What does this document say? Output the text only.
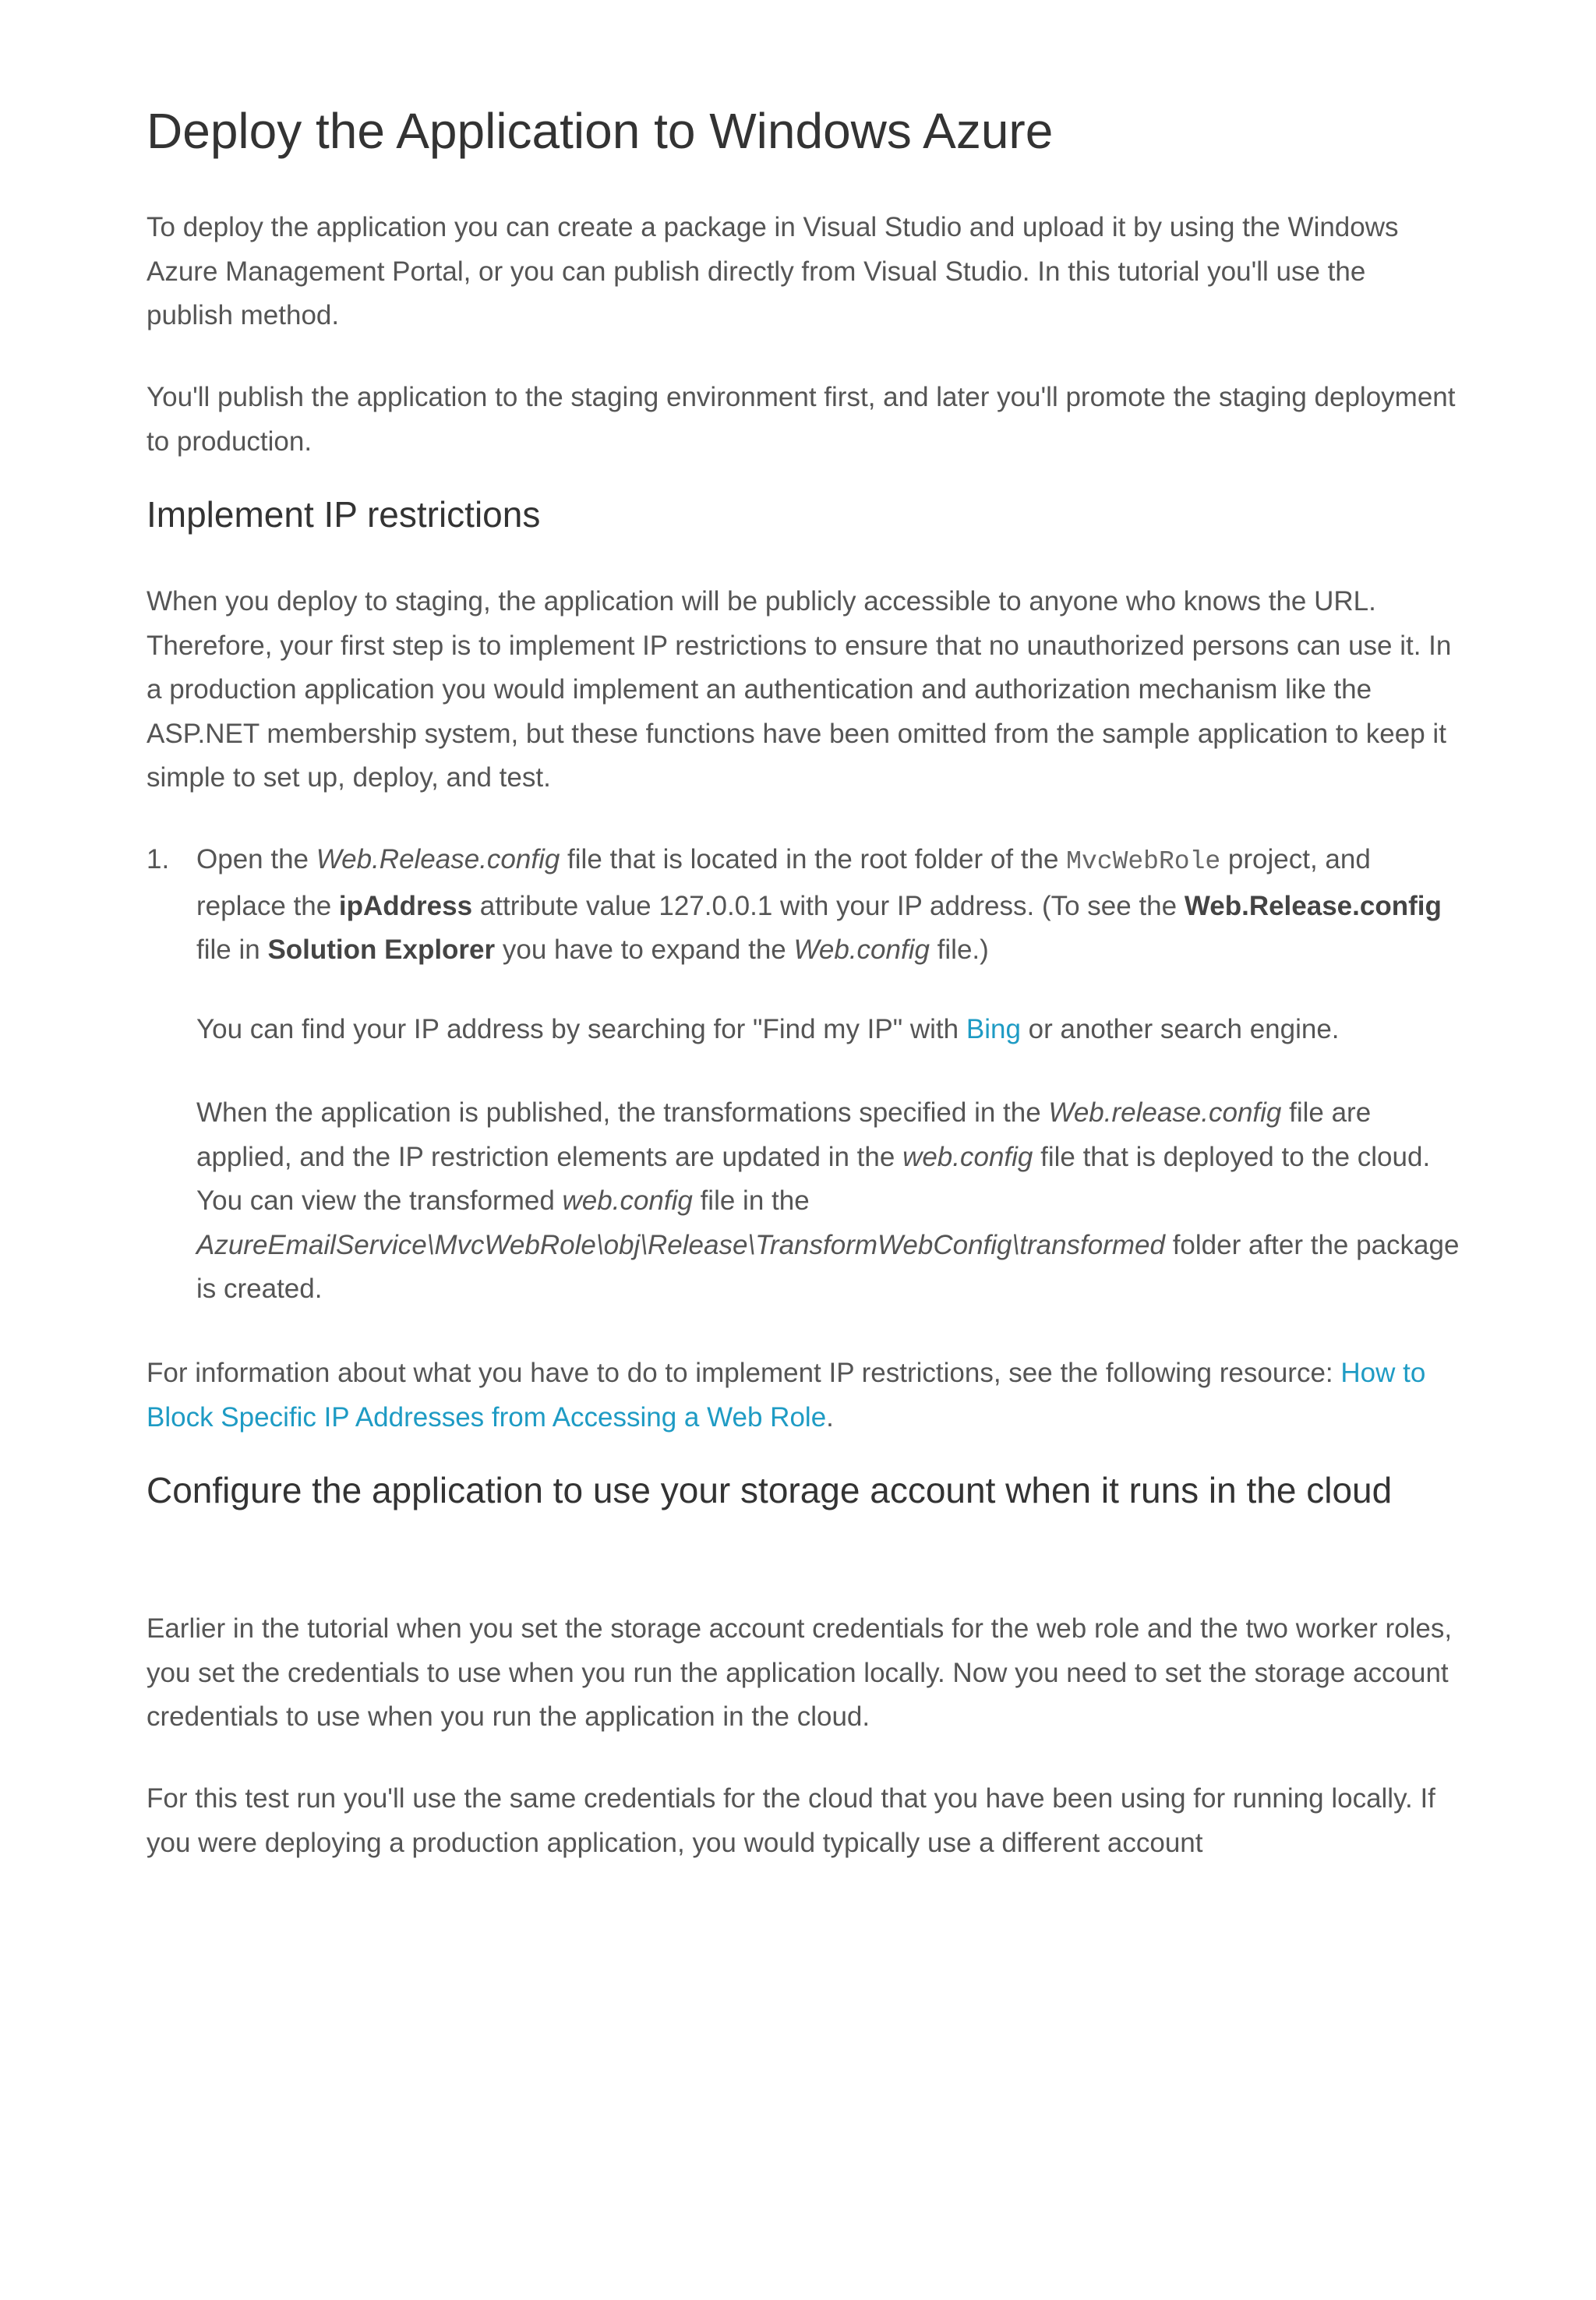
Deploy the Application to Windows Azure

To deploy the application you can create a package in Visual Studio and upload it by using the Windows Azure Management Portal, or you can publish directly from Visual Studio. In this tutorial you'll use the publish method.

You'll publish the application to the staging environment first, and later you'll promote the staging deployment to production.

Implement IP restrictions

When you deploy to staging, the application will be publicly accessible to anyone who knows the URL. Therefore, your first step is to implement IP restrictions to ensure that no unauthorized persons can use it. In a production application you would implement an authentication and authorization mechanism like the ASP.NET membership system, but these functions have been omitted from the sample application to keep it simple to set up, deploy, and test.

1. Open the Web.Release.config file that is located in the root folder of the MvcWebRole project, and replace the ipAddress attribute value 127.0.0.1 with your IP address. (To see the Web.Release.config file in Solution Explorer you have to expand the Web.config file.)

You can find your IP address by searching for "Find my IP" with Bing or another search engine.

When the application is published, the transformations specified in the Web.release.config file are applied, and the IP restriction elements are updated in the web.config file that is deployed to the cloud. You can view the transformed web.config file in the
AzureEmailService\MvcWebRole\obj\Release\TransformWebConfig\transformed folder after the package is created.

For information about what you have to do to implement IP restrictions, see the following resource: How to Block Specific IP Addresses from Accessing a Web Role.

Configure the application to use your storage account when it runs in the cloud

Earlier in the tutorial when you set the storage account credentials for the web role and the two worker roles, you set the credentials to use when you run the application locally. Now you need to set the storage account credentials to use when you run the application in the cloud.

For this test run you'll use the same credentials for the cloud that you have been using for running locally. If you were deploying a production application, you would typically use a different account
